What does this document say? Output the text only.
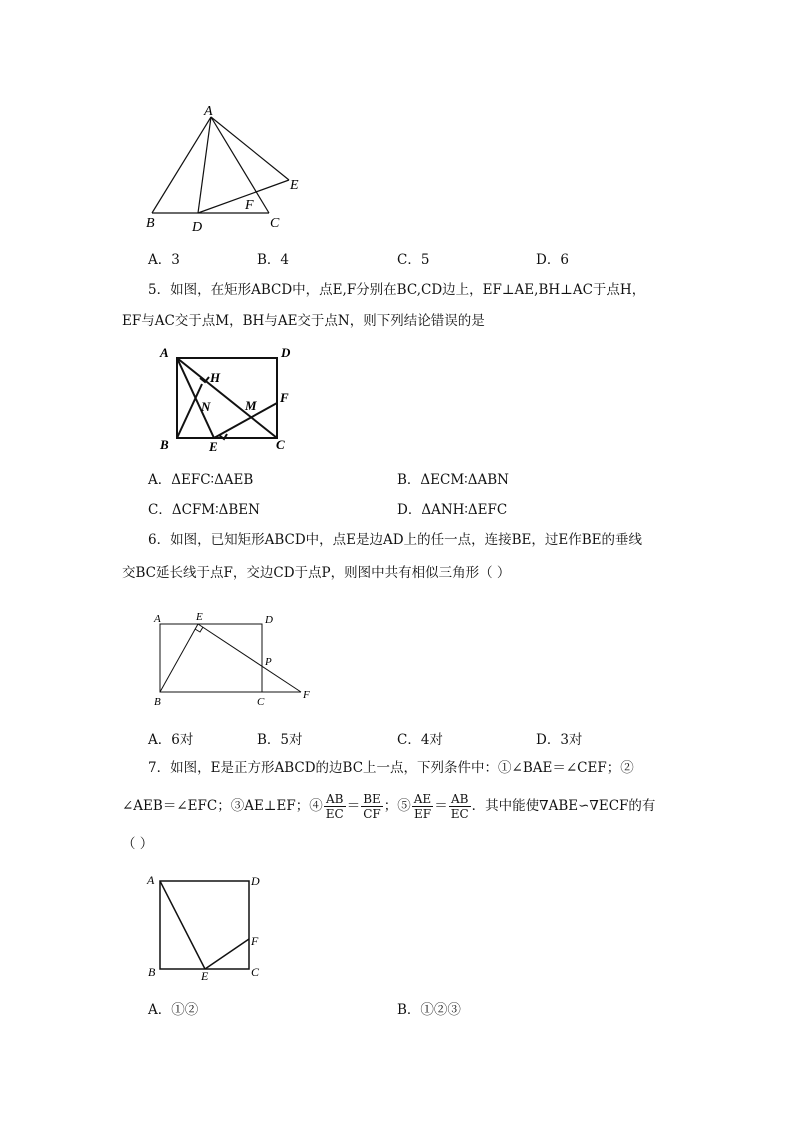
A
B	D
F
C
E
A．3	B．4	C．5	D．6
5．如图，在矩形ABCD中，点E,F分别在BC,CD边上，EF⊥AE,BH⊥AC于点H，
EF与AC交于点M，BH与AE交于点N，则下列结论错误的是
A	D
H
N	M
F
B	E	C
A．ΔEFC∶ΔAEB	B．ΔECM∶ΔABN
C．ΔCFM∶ΔBEN	D．ΔANH∶ΔEFC
6．如图，已知矩形ABCD中，点E是边AD上的任一点，连接BE，过E作BE的垂线
交BC延长线于点F，交边CD于点P，则图中共有相似三角形（ ）
A	E	D
P
B	C
F
A．6对	B．5对	C．4对	D．3对
7．如图，E是正方形ABCD的边BC上一点，下列条件中：①∠BAE＝∠CEF；②
∠AEB＝∠EFC；③AE⊥EF；④ $\frac{AB}{EC} = \frac{BE}{CF}$ ；⑤ $\frac{AE}{EF} = \frac{AB}{EC}$ ．其中能使∇ABE∽∇ECF的有
（ ）
A	D
F
B	E	C
A．①②	B．①②③
